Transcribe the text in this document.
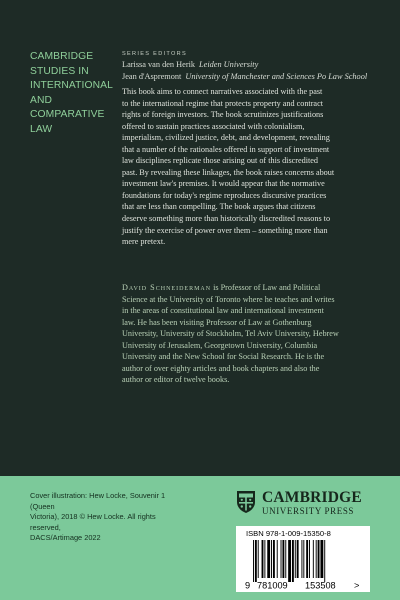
CAMBRIDGE
STUDIES IN
INTERNATIONAL
AND
COMPARATIVE
LAW
SERIES EDITORS
Larissa van den Herik Leiden University
Jean d'Aspremont University of Manchester and Sciences Po Law School

This book aims to connect narratives associated with the past

to the international regime that protects property and contract

rights of foreign investors. The book scrutinizes justifications

offered to sustain practices associated with colonialism,

imperialism, civilized justice, debt, and development, revealing

that a number of the rationales offered in support of investment

law disciplines replicate those arising out of this discredited

past. By revealing these linkages, the book raises concerns about

investment law's premises. It would appear that the normative

foundations for today's regime reproduces discursive practices

that are less than compelling. The book argues that citizens

deserve something more than historically discredited reasons to

justify the exercise of power over them – something more than

mere pretext.

David Schneiderman is Professor of Law and Political

Science at the University of Toronto where he teaches and writes

in the areas of constitutional law and international investment

law. He has been visiting Professor of Law at Gothenburg

University, University of Stockholm, Tel Aviv University, Hebrew

University of Jerusalem, Georgetown University, Columbia

University and the New School for Social Research. He is the

author of over eighty articles and book chapters and also the

author or editor of twelve books.

Cover illustration: Hew Locke, Souvenir 1 (Queen
Victoria), 2018 © Hew Locke. All rights reserved,
DACS/Artimage 2022
CAMBRIDGE
UNIVERSITY PRESS
ISBN 978-1-009-15350-8
9 781009 153508 >
